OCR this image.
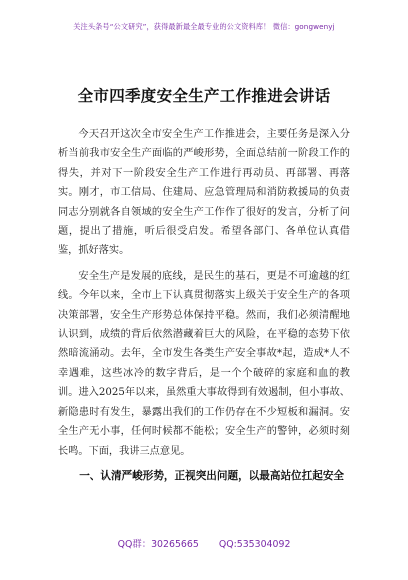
关注头条号“公文研究”，获得最新最全最专业的公文资料库！ 微信：gongwenyj
全市四季度安全生产工作推进会讲话

今天召开这次全市安全生产工作推进会，主要任务是深入分析当前我市安全生产面临的严峻形势，全面总结前一阶段工作的得失，并对下一阶段安全生产工作进行再动员、再部署、再落实。刚才，市工信局、住建局、应急管理局和消防救援局的负责同志分别就各自领域的安全生产工作作了很好的发言，分析了问题，提出了措施，听后很受启发。希望各部门、各单位认真借鉴，抓好落实。

安全生产是发展的底线，是民生的基石，更是不可逾越的红线。今年以来，全市上下认真贯彻落实上级关于安全生产的各项决策部署，安全生产形势总体保持平稳。然而，我们必须清醒地认识到，成绩的背后依然潜藏着巨大的风险，在平稳的态势下依然暗流涌动。去年，全市发生各类生产安全事故*起，造成*人不幸遇难，这些冰冷的数字背后，是一个个破碎的家庭和血的教训。进入2025年以来，虽然重大事故得到有效遏制，但小事故、新隐患时有发生，暴露出我们的工作仍存在不少短板和漏洞。安全生产无小事，任何时候都不能松；安全生产的警钟，必须时刻长鸣。下面，我讲三点意见。

一、认清严峻形势，正视突出问题，以最高站位扛起安全

QQ群：30265665 QQ:535304092
